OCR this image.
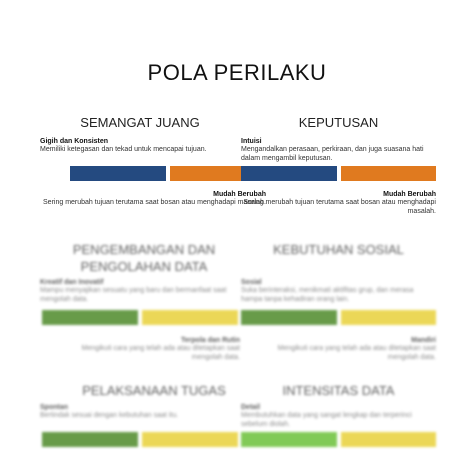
POLA PERILAKU
SEMANGAT JUANG
Gigih dan Konsisten
Memiliki ketegasan dan tekad untuk mencapai tujuan.
Mudah Berubah
Sering merubah tujuan terutama saat bosan atau menghadapi masalah.
KEPUTUSAN
Intuisi
Mengandalkan perasaan, perkiraan, dan juga suasana hati dalam mengambil keputusan.
Mudah Berubah
Sering merubah tujuan terutama saat bosan atau menghadapi masalah.
PENGEMBANGAN DAN PENGOLAHAN DATA
Kreatif dan Inovatif
Mampu menyajikan sesuatu yang baru dan bermanfaat saat mengolah data.
Terpola dan Rutin
Mengikuti cara yang telah ada atau ditetapkan saat mengolah data.
KEBUTUHAN SOSIAL
Sosial
Suka berinteraksi, menikmati aktifitas grup, dan merasa hampa tanpa kehadiran orang lain.
Mandiri
Mengikuti cara yang telah ada atau ditetapkan saat mengolah data.
PELAKSANAAN TUGAS
Spontan
Bertindak sesuai dengan kebutuhan saat itu.
INTENSITAS DATA
Detail
Membutuhkan data yang sangat lengkap dan terperinci sebelum diolah.
